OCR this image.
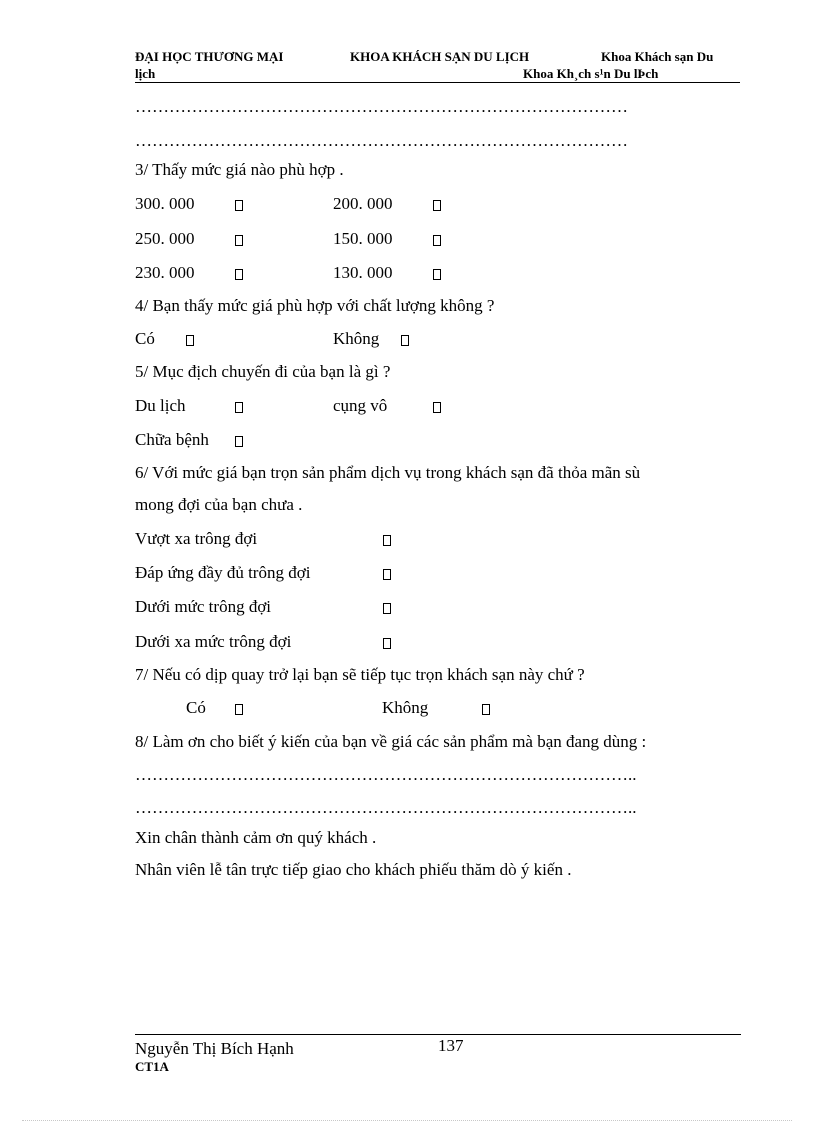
ĐẠI HỌC THƯƠNG MẠI	KHOA KHÁCH SẠN DU LỊCH	Khoa Khách sạn Du
lịch	Khoa Kh¸ch s¹n Du lÞch
……………………………………………………………………………
……………………………………………………………………………
3/ Thấy mức giá nào phù hợp .
300. 000	200. 000
250. 000	150. 000
230. 000	130. 000
4/ Bạn thấy mức giá phù hợp với chất lượng không ?
Có	Không
5/ Mục địch chuyến đi của bạn là gì ?
Du lịch	cụng vô
Chữa bệnh
6/ Với mức giá bạn trọn sản phẩm dịch vụ trong khách sạn đã thỏa mãn sù
mong đợi của bạn chưa .
Vượt xa trông đợi
Đáp ứng đầy đủ trông đợi
Dưới mức trông đợi
Dưới xa mức trông đợi
7/ Nếu có dịp quay trở lại bạn sẽ tiếp tục trọn khách sạn này chứ ?
Có	Không
8/ Làm ơn cho biết ý kiến của bạn về giá các sản phẩm mà bạn đang dùng :
……………………………………………………………………………..
……………………………………………………………………………..
Xin chân thành cảm ơn quý khách .
Nhân viên lễ tân trực tiếp giao cho khách phiếu thăm dò ý kiến .
Nguyễn Thị Bích Hạnh	137
CT1A
